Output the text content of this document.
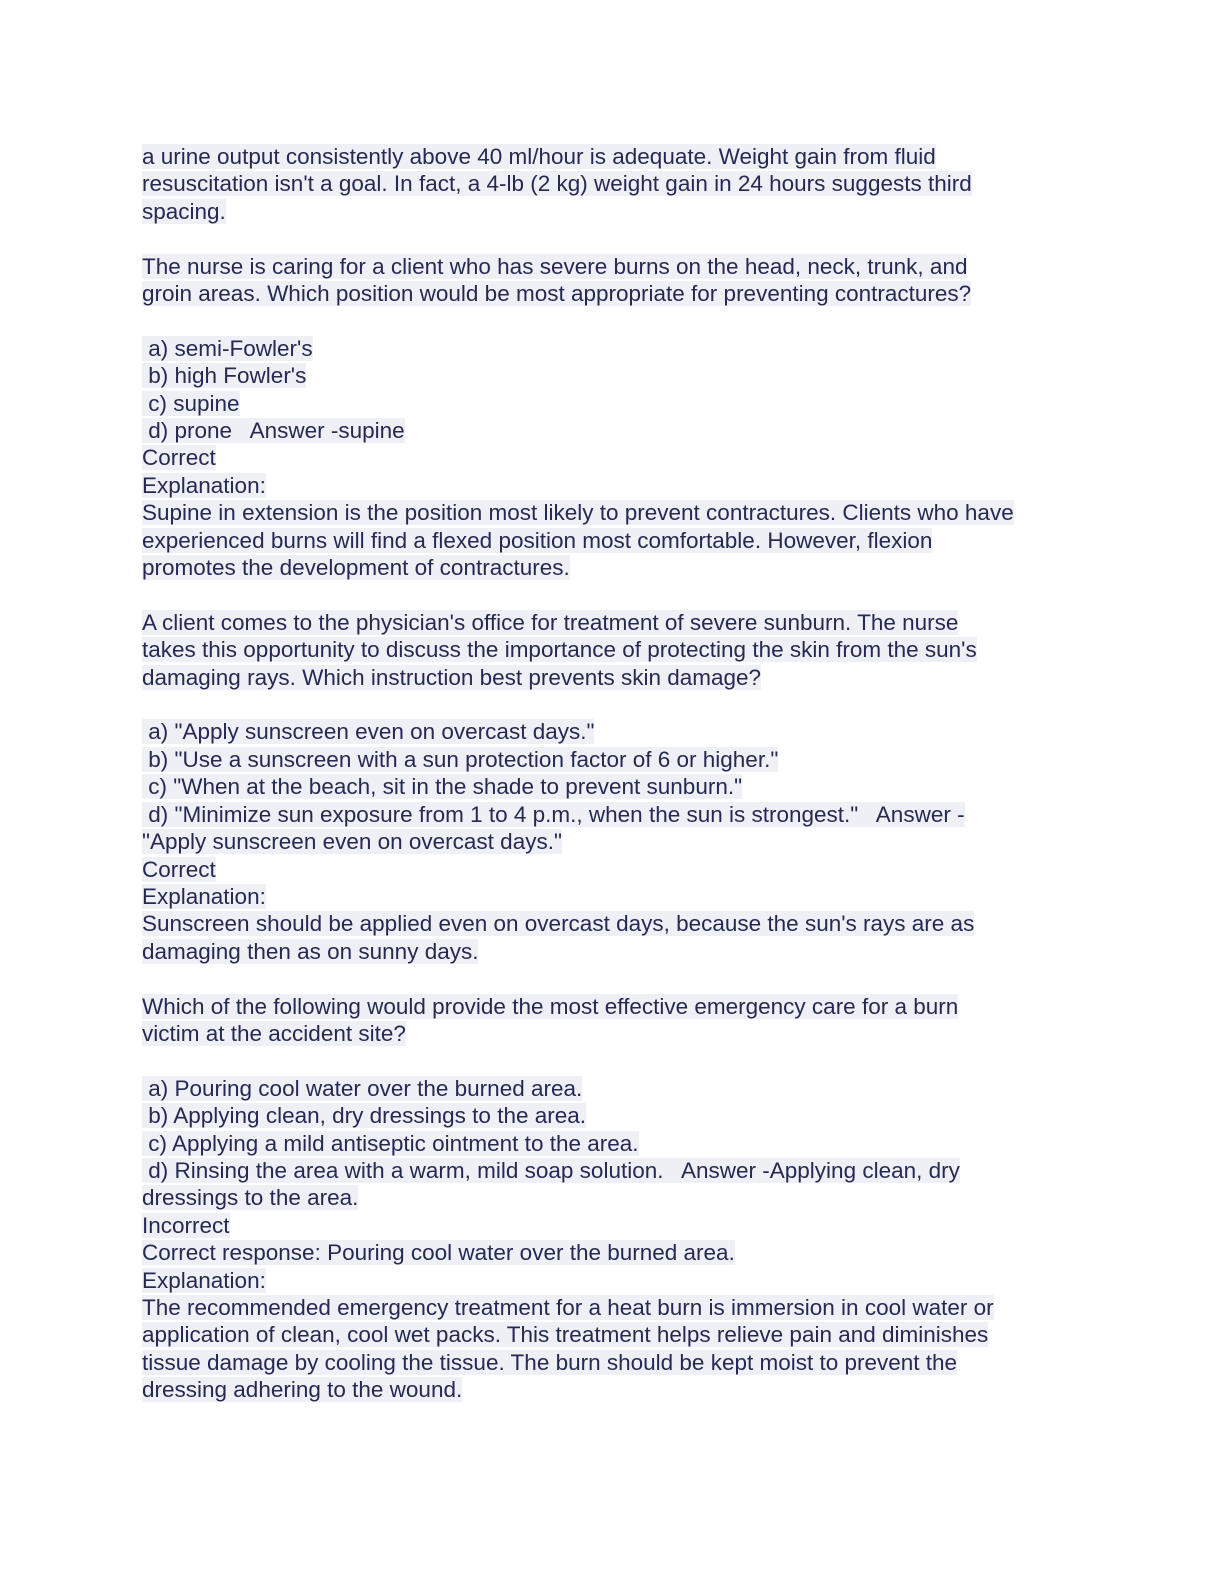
a urine output consistently above 40 ml/hour is adequate. Weight gain from fluid
resuscitation isn't a goal. In fact, a 4-lb (2 kg) weight gain in 24 hours suggests third
spacing.
The nurse is caring for a client who has severe burns on the head, neck, trunk, and
groin areas. Which position would be most appropriate for preventing contractures?
a) semi-Fowler's
b) high Fowler's
c) supine
d) prone   Answer -supine
Correct
Explanation:
Supine in extension is the position most likely to prevent contractures. Clients who have
experienced burns will find a flexed position most comfortable. However, flexion
promotes the development of contractures.
A client comes to the physician's office for treatment of severe sunburn. The nurse
takes this opportunity to discuss the importance of protecting the skin from the sun's
damaging rays. Which instruction best prevents skin damage?
a) "Apply sunscreen even on overcast days."
b) "Use a sunscreen with a sun protection factor of 6 or higher."
c) "When at the beach, sit in the shade to prevent sunburn."
d) "Minimize sun exposure from 1 to 4 p.m., when the sun is strongest."   Answer -
"Apply sunscreen even on overcast days."
Correct
Explanation:
Sunscreen should be applied even on overcast days, because the sun's rays are as
damaging then as on sunny days.
Which of the following would provide the most effective emergency care for a burn
victim at the accident site?
a) Pouring cool water over the burned area.
b) Applying clean, dry dressings to the area.
c) Applying a mild antiseptic ointment to the area.
d) Rinsing the area with a warm, mild soap solution.   Answer -Applying clean, dry
dressings to the area.
Incorrect
Correct response: Pouring cool water over the burned area.
Explanation:
The recommended emergency treatment for a heat burn is immersion in cool water or
application of clean, cool wet packs. This treatment helps relieve pain and diminishes
tissue damage by cooling the tissue. The burn should be kept moist to prevent the
dressing adhering to the wound.
